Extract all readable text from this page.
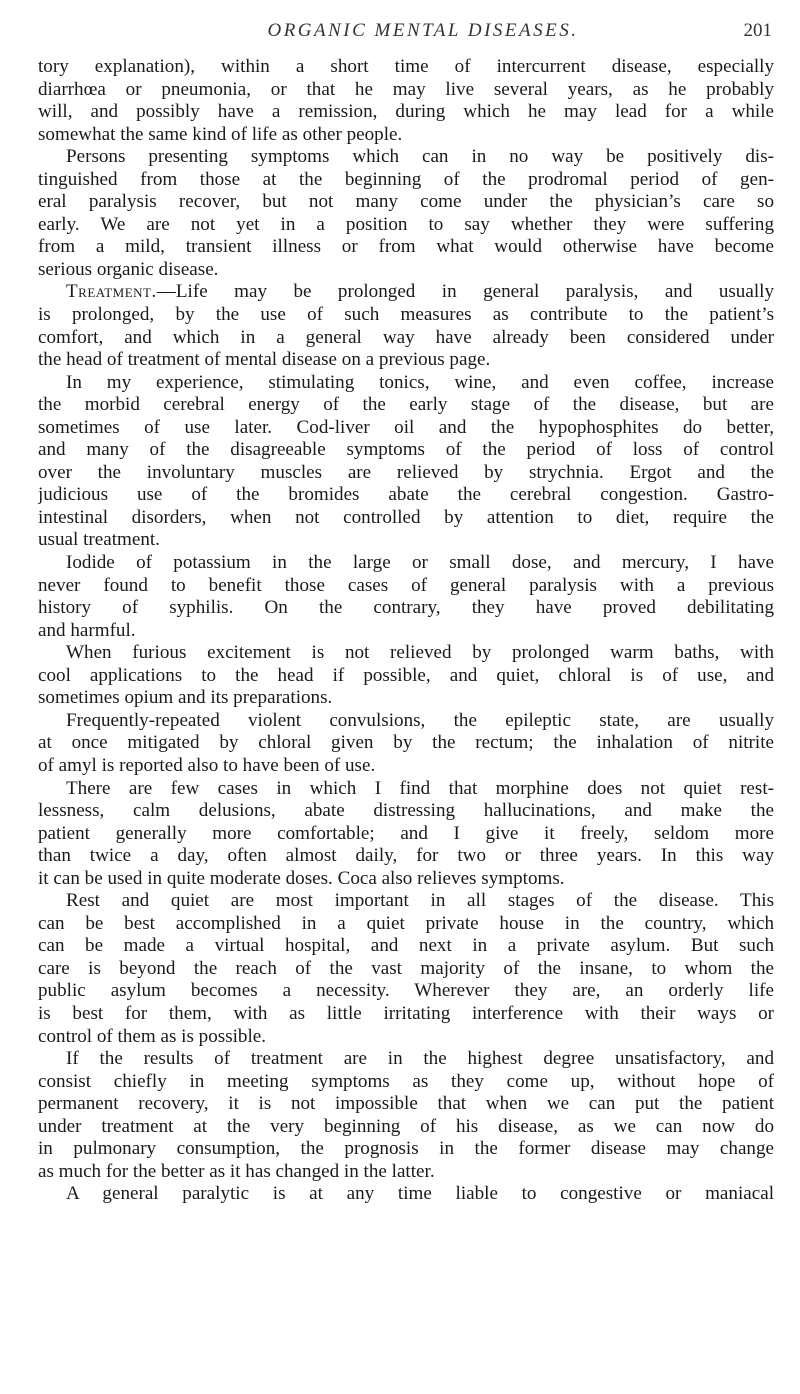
ORGANIC MENTAL DISEASES.	201
tory explanation), within a short time of intercurrent disease, especially
diarrhœa or pneumonia, or that he may live several years, as he probably
will, and possibly have a remission, during which he may lead for a while
somewhat the same kind of life as other people.
Persons presenting symptoms which can in no way be positively dis-
tinguished from those at the beginning of the prodromal period of gen-
eral paralysis recover, but not many come under the physician’s care so
early. We are not yet in a position to say whether they were suffering
from a mild, transient illness or from what would otherwise have become
serious organic disease.
Treatment.—Life may be prolonged in general paralysis, and usually
is prolonged, by the use of such measures as contribute to the patient’s
comfort, and which in a general way have already been considered under
the head of treatment of mental disease on a previous page.
In my experience, stimulating tonics, wine, and even coffee, increase
the morbid cerebral energy of the early stage of the disease, but are
sometimes of use later. Cod-liver oil and the hypophosphites do better,
and many of the disagreeable symptoms of the period of loss of control
over the involuntary muscles are relieved by strychnia. Ergot and the
judicious use of the bromides abate the cerebral congestion. Gastro-
intestinal disorders, when not controlled by attention to diet, require the
usual treatment.
Iodide of potassium in the large or small dose, and mercury, I have
never found to benefit those cases of general paralysis with a previous
history of syphilis. On the contrary, they have proved debilitating
and harmful.
When furious excitement is not relieved by prolonged warm baths, with
cool applications to the head if possible, and quiet, chloral is of use, and
sometimes opium and its preparations.
Frequently-repeated violent convulsions, the epileptic state, are usually
at once mitigated by chloral given by the rectum; the inhalation of nitrite
of amyl is reported also to have been of use.
There are few cases in which I find that morphine does not quiet rest-
lessness, calm delusions, abate distressing hallucinations, and make the
patient generally more comfortable; and I give it freely, seldom more
than twice a day, often almost daily, for two or three years. In this way
it can be used in quite moderate doses. Coca also relieves symptoms.
Rest and quiet are most important in all stages of the disease. This
can be best accomplished in a quiet private house in the country, which
can be made a virtual hospital, and next in a private asylum. But such
care is beyond the reach of the vast majority of the insane, to whom the
public asylum becomes a necessity. Wherever they are, an orderly life
is best for them, with as little irritating interference with their ways or
control of them as is possible.
If the results of treatment are in the highest degree unsatisfactory, and
consist chiefly in meeting symptoms as they come up, without hope of
permanent recovery, it is not impossible that when we can put the patient
under treatment at the very beginning of his disease, as we can now do
in pulmonary consumption, the prognosis in the former disease may change
as much for the better as it has changed in the latter.
A general paralytic is at any time liable to congestive or maniacal
